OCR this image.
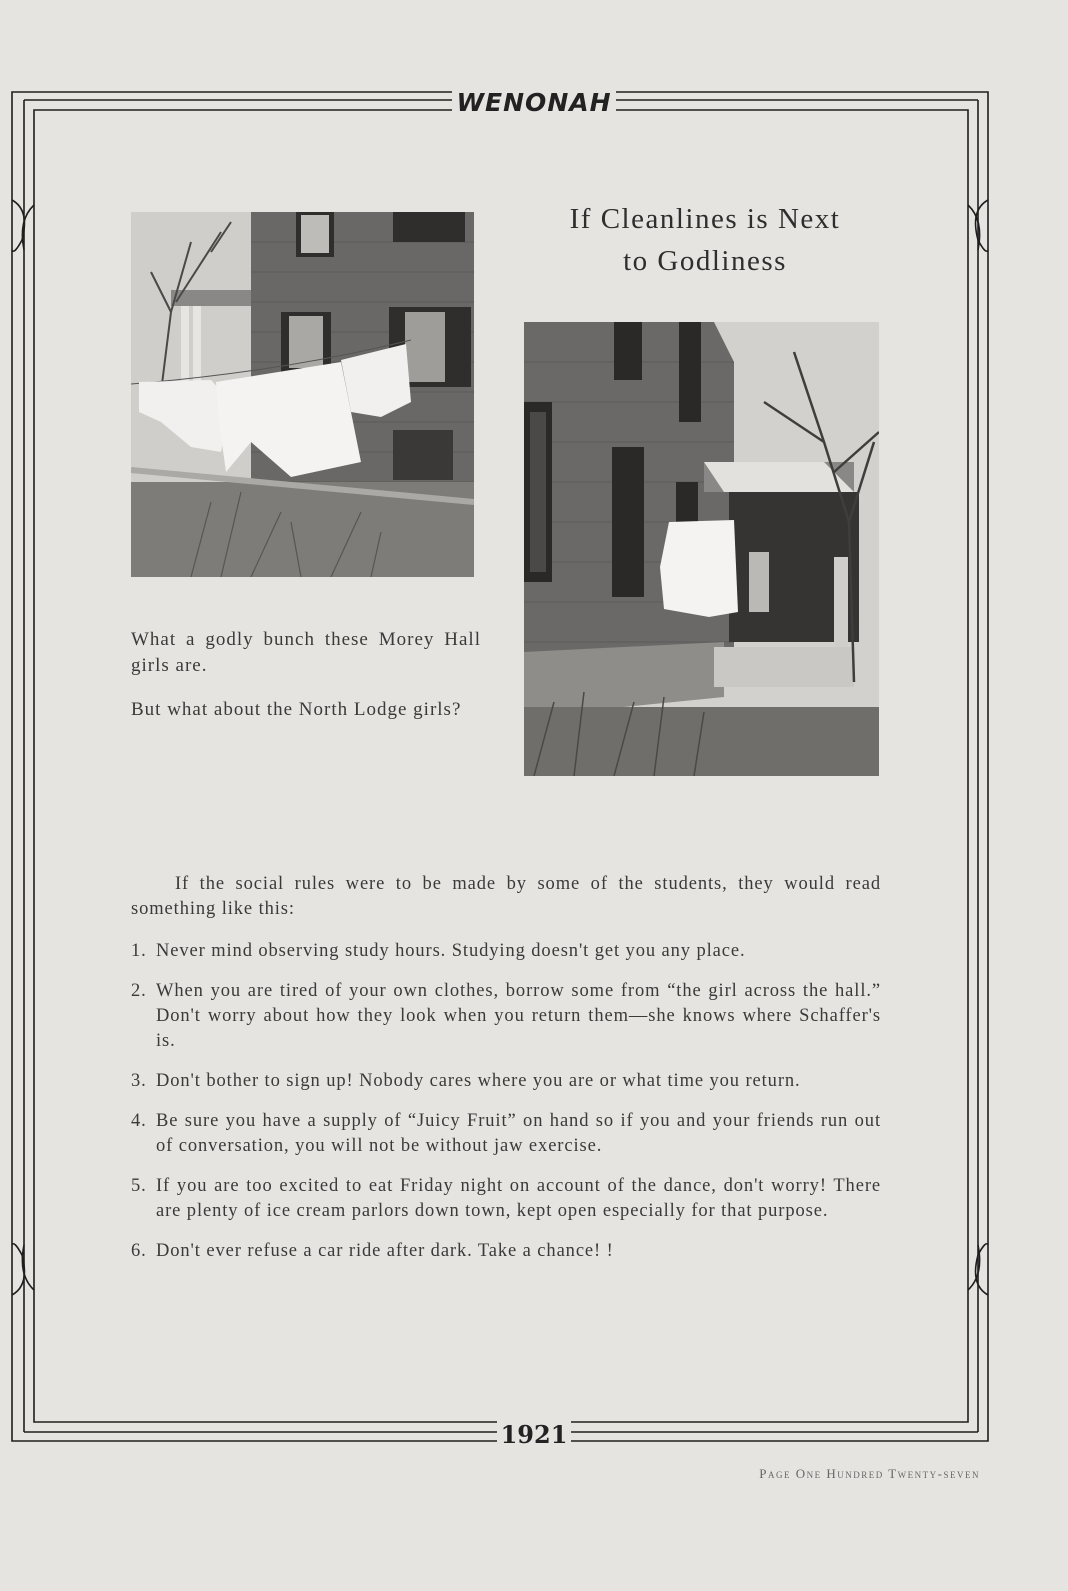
WENONAH
If Cleanlines is Next
to Godliness
What a godly bunch these Morey Hall girls are.
But what about the North Lodge girls?

If the social rules were to be made by some of the students, they would read something like this:

1. Never mind observing study hours. Studying doesn't get you any place.
2. When you are tired of your own clothes, borrow some from “the girl across the hall.” Don't worry about how they look when you return them—she knows where Schaffer's is.
3. Don't bother to sign up! Nobody cares where you are or what time you return.
4. Be sure you have a supply of “Juicy Fruit” on hand so if you and your friends run out of conversation, you will not be without jaw exercise.
5. If you are too excited to eat Friday night on account of the dance, don't worry! There are plenty of ice cream parlors down town, kept open especially for that purpose.
6. Don't ever refuse a car ride after dark. Take a chance! !
1921
Page One Hundred Twenty-seven
